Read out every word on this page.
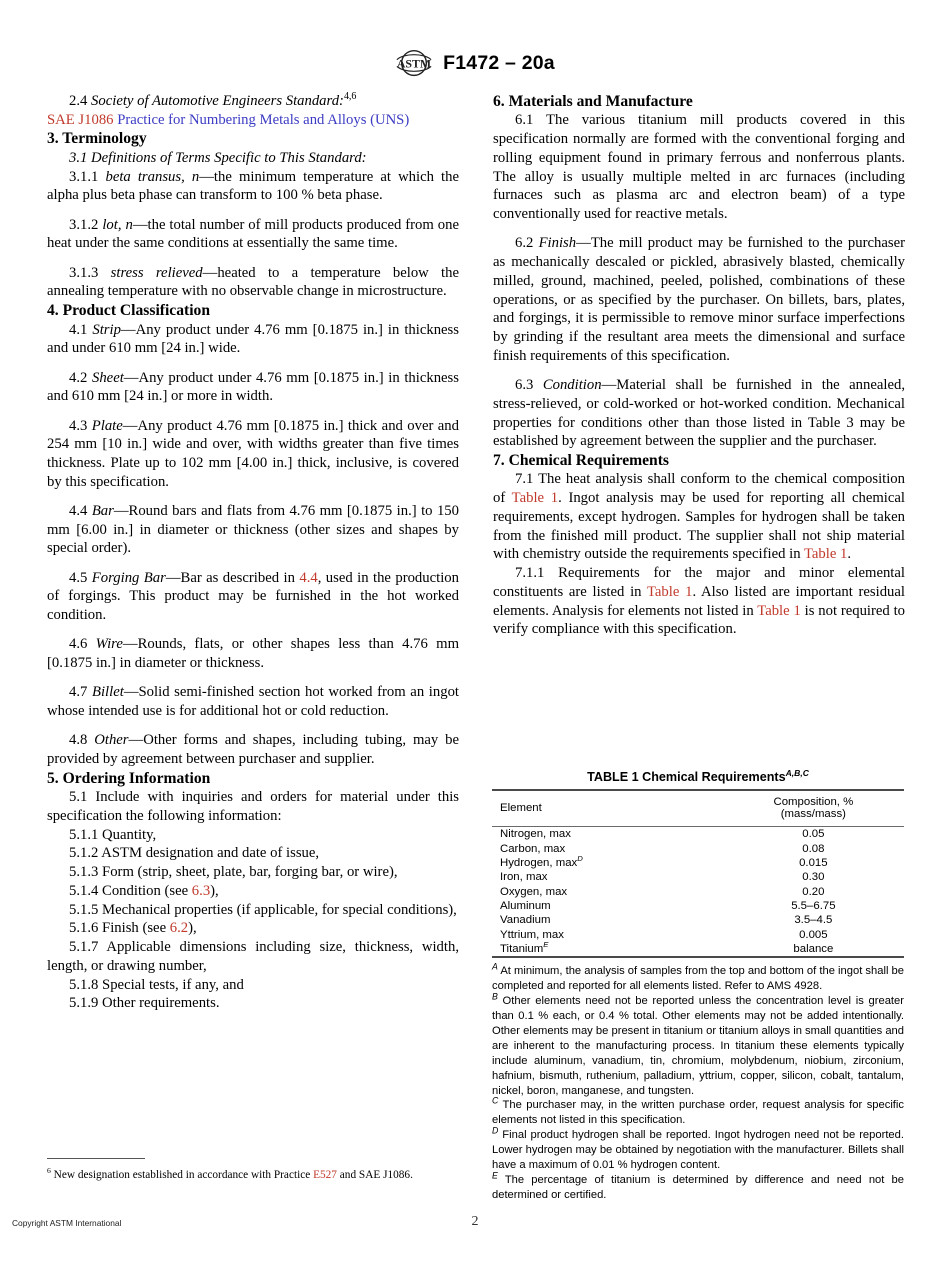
ASTM F1472 – 20a

2.4 Society of Automotive Engineers Standard:$^{4,6}$

SAE J1086 Practice for Numbering Metals and Alloys (UNS)

3. Terminology

3.1 Definitions of Terms Specific to This Standard:

3.1.1 beta transus, n—the minimum temperature at which the alpha plus beta phase can transform to 100 % beta phase.

3.1.2 lot, n—the total number of mill products produced from one heat under the same conditions at essentially the same time.

3.1.3 stress relieved—heated to a temperature below the annealing temperature with no observable change in microstructure.

4. Product Classification

4.1 Strip—Any product under 4.76 mm [0.1875 in.] in thickness and under 610 mm [24 in.] wide.

4.2 Sheet—Any product under 4.76 mm [0.1875 in.] in thickness and 610 mm [24 in.] or more in width.

4.3 Plate—Any product 4.76 mm [0.1875 in.] thick and over and 254 mm [10 in.] wide and over, with widths greater than five times thickness. Plate up to 102 mm [4.00 in.] thick, inclusive, is covered by this specification.

4.4 Bar—Round bars and flats from 4.76 mm [0.1875 in.] to 150 mm [6.00 in.] in diameter or thickness (other sizes and shapes by special order).

4.5 Forging Bar—Bar as described in 4.4, used in the production of forgings. This product may be furnished in the hot worked condition.

4.6 Wire—Rounds, flats, or other shapes less than 4.76 mm [0.1875 in.] in diameter or thickness.

4.7 Billet—Solid semi-finished section hot worked from an ingot whose intended use is for additional hot or cold reduction.

4.8 Other—Other forms and shapes, including tubing, may be provided by agreement between purchaser and supplier.

5. Ordering Information

5.1 Include with inquiries and orders for material under this specification the following information:

5.1.1 Quantity,

5.1.2 ASTM designation and date of issue,

5.1.3 Form (strip, sheet, plate, bar, forging bar, or wire),

5.1.4 Condition (see 6.3),

5.1.5 Mechanical properties (if applicable, for special conditions),

5.1.6 Finish (see 6.2),

5.1.7 Applicable dimensions including size, thickness, width, length, or drawing number,

5.1.8 Special tests, if any, and

5.1.9 Other requirements.

6. Materials and Manufacture

6.1 The various titanium mill products covered in this specification normally are formed with the conventional forging and rolling equipment found in primary ferrous and nonferrous plants. The alloy is usually multiple melted in arc furnaces (including furnaces such as plasma arc and electron beam) of a type conventionally used for reactive metals.

6.2 Finish—The mill product may be furnished to the purchaser as mechanically descaled or pickled, abrasively blasted, chemically milled, ground, machined, peeled, polished, combinations of these operations, or as specified by the purchaser. On billets, bars, plates, and forgings, it is permissible to remove minor surface imperfections by grinding if the resultant area meets the dimensional and surface finish requirements of this specification.

6.3 Condition—Material shall be furnished in the annealed, stress-relieved, or cold-worked or hot-worked condition. Mechanical properties for conditions other than those listed in Table 3 may be established by agreement between the supplier and the purchaser.

7. Chemical Requirements

7.1 The heat analysis shall conform to the chemical composition of Table 1. Ingot analysis may be used for reporting all chemical requirements, except hydrogen. Samples for hydrogen shall be taken from the finished mill product. The supplier shall not ship material with chemistry outside the requirements specified in Table 1.

7.1.1 Requirements for the major and minor elemental constituents are listed in Table 1. Also listed are important residual elements. Analysis for elements not listed in Table 1 is not required to verify compliance with this specification.

$^6$ New designation established in accordance with Practice E527 and SAE J1086.
TABLE 1 Chemical Requirements$^{A,B,C}$
Element	Composition, %
(mass/mass)

Nitrogen, max	0.05
Carbon, max	0.08
Hydrogen, $\max^D$	0.015
Iron, max	0.30
Oxygen, max	0.20
Aluminum	5.5–6.75
Vanadium	3.5–4.5
Yttrium, max	0.005
Titanium$^E$	balance

$^A$ At minimum, the analysis of samples from the top and bottom of the ingot shall be completed and reported for all elements listed. Refer to AMS 4928.

$^B$ Other elements need not be reported unless the concentration level is greater than 0.1 % each, or 0.4 % total. Other elements may not be added intentionally. Other elements may be present in titanium or titanium alloys in small quantities and are inherent to the manufacturing process. In titanium these elements typically include aluminum, vanadium, tin, chromium, molybdenum, niobium, zirconium, hafnium, bismuth, ruthenium, palladium, yttrium, copper, silicon, cobalt, tantalum, nickel, boron, manganese, and tungsten.

$^C$ The purchaser may, in the written purchase order, request analysis for specific elements not listed in this specification.

$^D$ Final product hydrogen shall be reported. Ingot hydrogen need not be reported. Lower hydrogen may be obtained by negotiation with the manufacturer. Billets shall have a maximum of 0.01 % hydrogen content.

$^E$ The percentage of titanium is determined by difference and need not be determined or certified.

Copyright ASTM International	2
